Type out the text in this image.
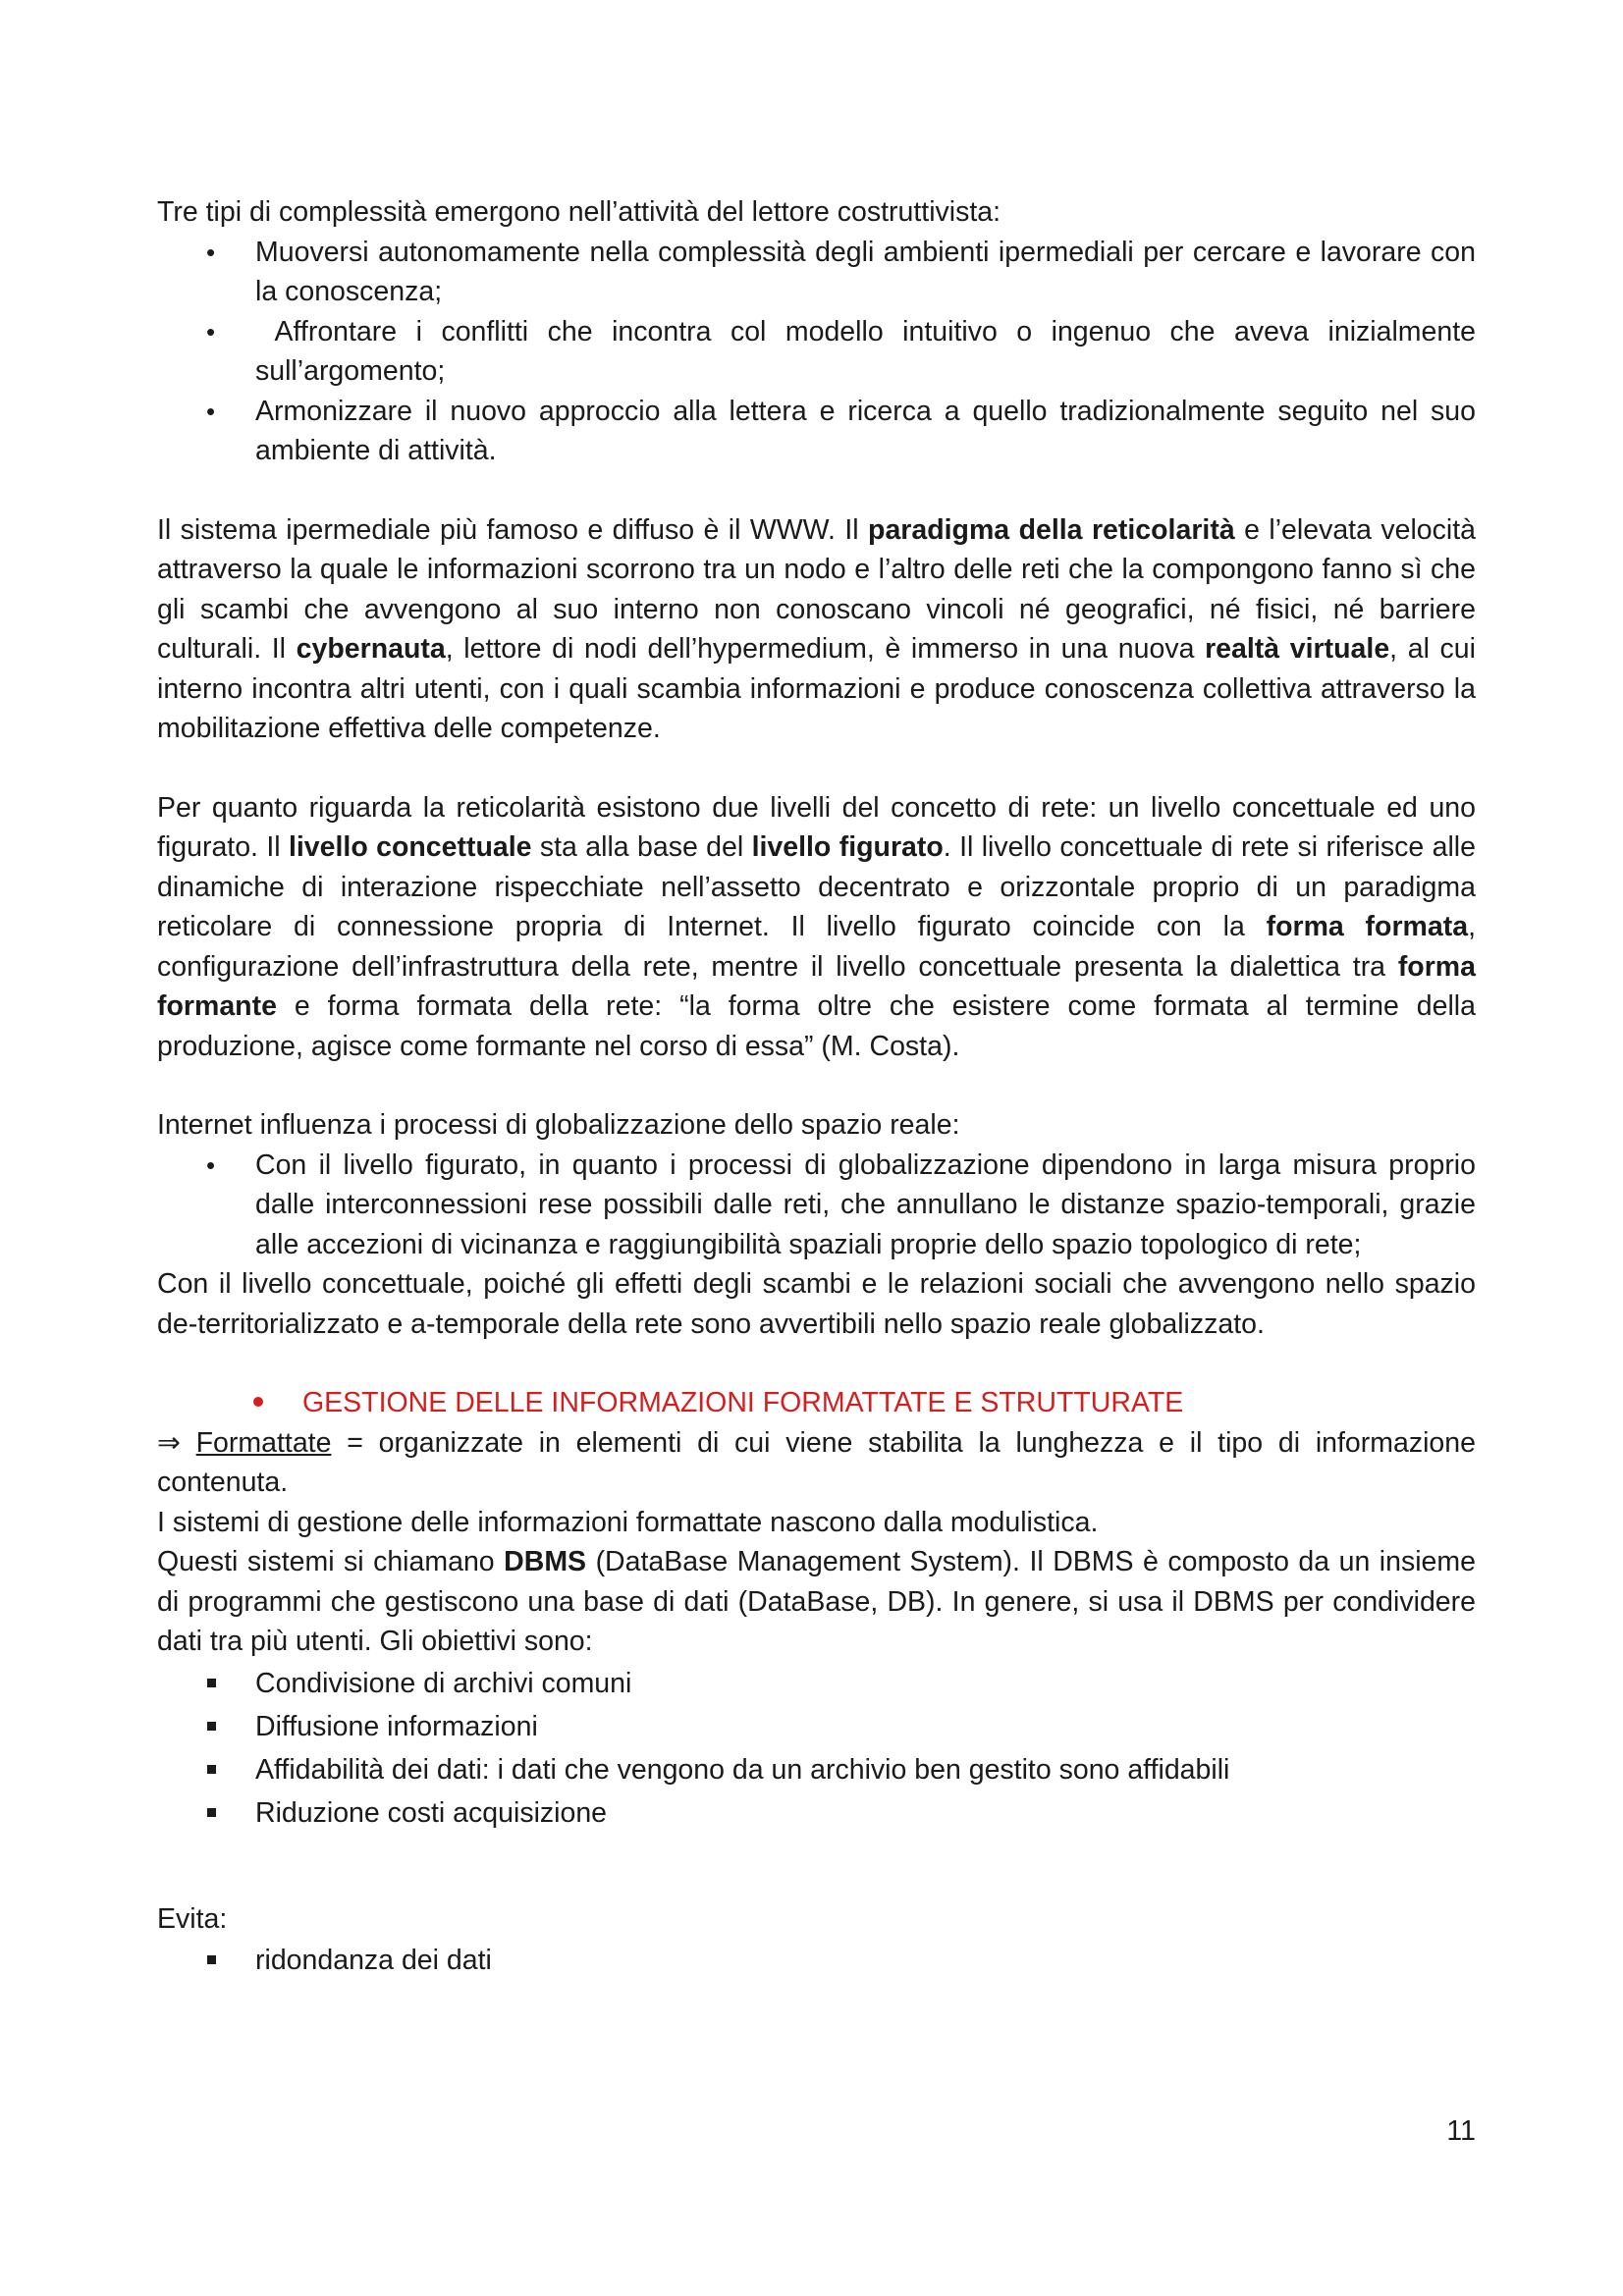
Tre tipi di complessità emergono nell’attività del lettore costruttivista:

• Muoversi autonomamente nella complessità degli ambienti ipermediali per cercare e lavorare con la conoscenza;
• Affrontare i conflitti che incontra col modello intuitivo o ingenuo che aveva inizialmente sull’argomento;
• Armonizzare il nuovo approccio alla lettera e ricerca a quello tradizionalmente seguito nel suo ambiente di attività.

Il sistema ipermediale più famoso e diffuso è il WWW. Il paradigma della reticolarità e l’elevata velocità attraverso la quale le informazioni scorrono tra un nodo e l’altro delle reti che la compongono fanno sì che gli scambi che avvengono al suo interno non conoscano vincoli né geografici, né fisici, né barriere culturali. Il cybernauta, lettore di nodi dell’hypermedium, è immerso in una nuova realtà virtuale, al cui interno incontra altri utenti, con i quali scambia informazioni e produce conoscenza collettiva attraverso la mobilitazione effettiva delle competenze.

Per quanto riguarda la reticolarità esistono due livelli del concetto di rete: un livello concettuale ed uno figurato. Il livello concettuale sta alla base del livello figurato. Il livello concettuale di rete si riferisce alle dinamiche di interazione rispecchiate nell’assetto decentrato e orizzontale proprio di un paradigma reticolare di connessione propria di Internet. Il livello figurato coincide con la forma formata, configurazione dell’infrastruttura della rete, mentre il livello concettuale presenta la dialettica tra forma formante e forma formata della rete: “la forma oltre che esistere come formata al termine della produzione, agisce come formante nel corso di essa” (M. Costa).

Internet influenza i processi di globalizzazione dello spazio reale:

• Con il livello figurato, in quanto i processi di globalizzazione dipendono in larga misura proprio dalle interconnessioni rese possibili dalle reti, che annullano le distanze spazio-temporali, grazie alle accezioni di vicinanza e raggiungibilità spaziali proprie dello spazio topologico di rete;

Con il livello concettuale, poiché gli effetti degli scambi e le relazioni sociali che avvengono nello spazio de-territorializzato e a-temporale della rete sono avvertibili nello spazio reale globalizzato.

GESTIONE DELLE INFORMAZIONI FORMATTATE E STRUTTURATE

⇒ Formattate = organizzate in elementi di cui viene stabilita la lunghezza e il tipo di informazione contenuta.

I sistemi di gestione delle informazioni formattate nascono dalla modulistica.

Questi sistemi si chiamano DBMS (DataBase Management System). Il DBMS è composto da un insieme di programmi che gestiscono una base di dati (DataBase, DB). In genere, si usa il DBMS per condividere dati tra più utenti. Gli obiettivi sono:

Condivisione di archivi comuni
Diffusione informazioni
Affidabilità dei dati: i dati che vengono da un archivio ben gestito sono affidabili
Riduzione costi acquisizione

Evita:

ridondanza dei dati
11
